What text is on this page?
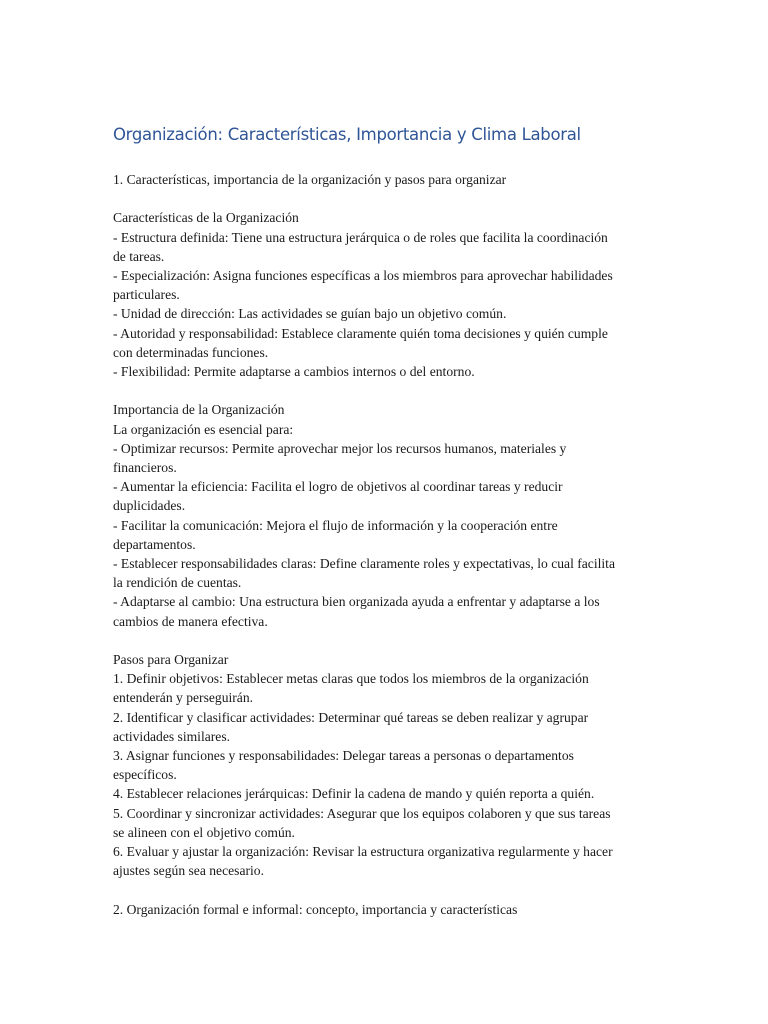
Organización: Características, Importancia y Clima Laboral

1. Características, importancia de la organización y pasos para organizar

Características de la Organización
- Estructura definida: Tiene una estructura jerárquica o de roles que facilita la coordinación
de tareas.
- Especialización: Asigna funciones específicas a los miembros para aprovechar habilidades
particulares.
- Unidad de dirección: Las actividades se guían bajo un objetivo común.
- Autoridad y responsabilidad: Establece claramente quién toma decisiones y quién cumple
con determinadas funciones.
- Flexibilidad: Permite adaptarse a cambios internos o del entorno.

Importancia de la Organización
La organización es esencial para:
- Optimizar recursos: Permite aprovechar mejor los recursos humanos, materiales y
financieros.
- Aumentar la eficiencia: Facilita el logro de objetivos al coordinar tareas y reducir
duplicidades.
- Facilitar la comunicación: Mejora el flujo de información y la cooperación entre
departamentos.
- Establecer responsabilidades claras: Define claramente roles y expectativas, lo cual facilita
la rendición de cuentas.
- Adaptarse al cambio: Una estructura bien organizada ayuda a enfrentar y adaptarse a los
cambios de manera efectiva.

Pasos para Organizar
1. Definir objetivos: Establecer metas claras que todos los miembros de la organización
entenderán y perseguirán.
2. Identificar y clasificar actividades: Determinar qué tareas se deben realizar y agrupar
actividades similares.
3. Asignar funciones y responsabilidades: Delegar tareas a personas o departamentos
específicos.
4. Establecer relaciones jerárquicas: Definir la cadena de mando y quién reporta a quién.
5. Coordinar y sincronizar actividades: Asegurar que los equipos colaboren y que sus tareas
se alineen con el objetivo común.
6. Evaluar y ajustar la organización: Revisar la estructura organizativa regularmente y hacer
ajustes según sea necesario.

2. Organización formal e informal: concepto, importancia y características
